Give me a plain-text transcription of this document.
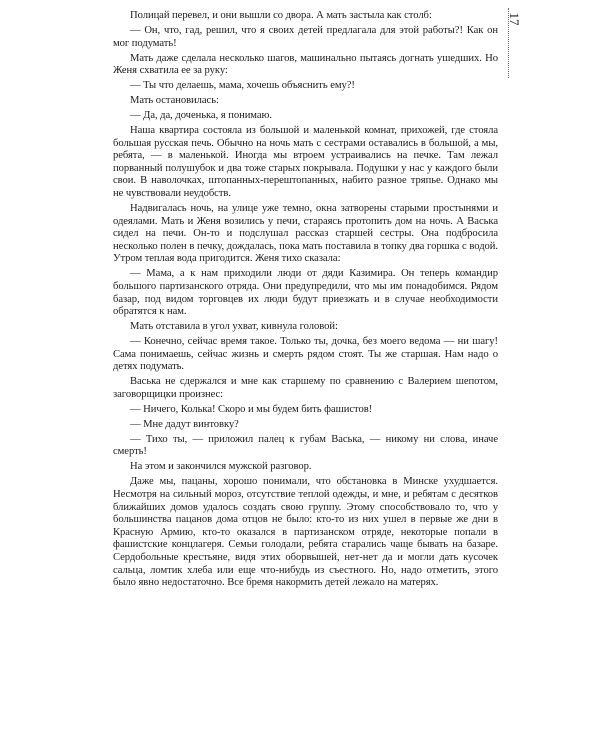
17

Полицай перевел, и они вышли со двора. А мать застыла как столб:

— Он, что, гад, решил, что я своих детей предлагала для этой работы?! Как он мог подумать!

Мать даже сделала несколько шагов, машинально пытаясь догнать ушедших. Но Женя схватила ее за руку:

— Ты что делаешь, мама, хочешь объяснить ему?!

Мать остановилась:

— Да, да, доченька, я понимаю.

Наша квартира состояла из большой и маленькой комнат, прихожей, где стояла большая русская печь. Обычно на ночь мать с сестрами оставались в большой, а мы, ребята, — в маленькой. Иногда мы втроем устраивались на печке. Там лежал порванный полушубок и два тоже старых покрывала. Подушки у нас у каждого были свои. В наволочках, штопанных-перештопанных, набито разное тряпье. Однако мы не чувствовали неудобств.

Надвигалась ночь, на улице уже темно, окна затворены старыми простынями и одеялами. Мать и Женя возились у печи, стараясь протопить дом на ночь. А Васька сидел на печи. Он-то и подслушал рассказ старшей сестры. Она подбросила несколько полен в печку, дождалась, пока мать поставила в топку два горшка с водой. Утром теплая вода пригодится. Женя тихо сказала:

— Мама, а к нам приходили люди от дяди Казимира. Он теперь командир большого партизанского отряда. Они предупредили, что мы им понадобимся. Рядом базар, под видом торговцев их люди будут приезжать и в случае необходимости обратятся к нам.

Мать отставила в угол ухват, кивнула головой:

— Конечно, сейчас время такое. Только ты, дочка, без моего ведома — ни шагу! Сама понимаешь, сейчас жизнь и смерть рядом стоят. Ты же старшая. Нам надо о детях подумать.

Васька не сдержался и мне как старшему по сравнению с Валерием шепотом, заговорщицки произнес:

— Ничего, Колька! Скоро и мы будем бить фашистов!

— Мне дадут винтовку?

— Тихо ты, — приложил палец к губам Васька, — никому ни слова, иначе смерть!

На этом и закончился мужской разговор.

Даже мы, пацаны, хорошо понимали, что обстановка в Минске ухудшается. Несмотря на сильный мороз, отсутствие теплой одежды, и мне, и ребятам с десятков ближайших домов удалось создать свою группу. Этому способствовало то, что у большинства пацанов дома отцов не было: кто-то из них ушел в первые же дни в Красную Армию, кто-то оказался в партизанском отряде, некоторые попали в фашистские концлагеря. Семьи голодали, ребята старались чаще бывать на базаре. Сердобольные крестьяне, видя этих оборвышей, нет-нет да и могли дать кусочек сальца, ломтик хлеба или еще что-нибудь из съестного. Но, надо отметить, этого было явно недостаточно. Все бремя накормить детей лежало на матерях.
